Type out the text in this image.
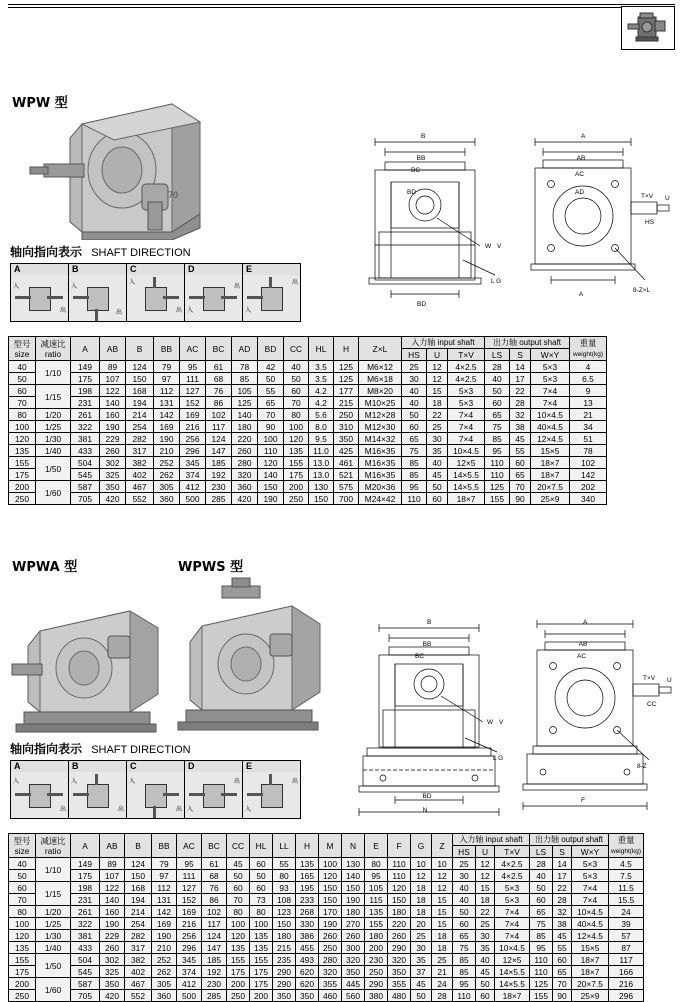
WPW 型
70
轴向指向表示 SHAFT DIRECTION
A
入
出

B
入
出

C
入
出

D
入
出

E
入
出
B
BB
BC
BD
BD
W V
L G
A
AB
AC
AD
T×V U
HS
8-Z×L
A
型号
size	减速比
ratio	A	AB	B	BB	AC	BC	AD	BD	CC	HL	H	Z×L	入力轴 input shaft			出力轴 output shaft			重量
weight(kg)
														HS	U	T×V	LS	S	W×Y	
40	1/10	149	89	124	79	95	61	78	42	40	3.5	125	M6×12	25	12	4×2.5	28	14	5×3	4
50		175	107	150	97	111	68	85	50	50	3.5	125	M6×18	30	12	4×2.5	40	17	5×3	6.5
60	1/15	198	122	168	112	127	76	105	55	60	4.2	177	M8×20	40	15	5×3	50	22	7×4	9
70		231	140	194	131	152	86	125	65	70	4.2	215	M10×25	40	18	5×3	60	28	7×4	13
80	1/20	261	160	214	142	169	102	140	70	80	5.6	250	M12×28	50	22	7×4	65	32	10×4.5	21
100	1/25	322	190	254	169	216	117	180	90	100	8.0	310	M12×30	60	25	7×4	75	38	40×4.5	34
120	1/30	381	229	282	190	256	124	220	100	120	9.5	350	M14×32	65	30	7×4	85	45	12×4.5	51
135	1/40	433	260	317	210	296	147	260	110	135	11.0	425	M16×35	75	35	10×4.5	95	55	15×5	78
155	1/50	504	302	382	252	345	185	280	120	155	13.0	461	M16×35	85	40	12×5	110	60	18×7	102
175		545	325	402	262	374	192	320	140	175	13.0	521	M16×35	85	45	14×5.5	110	65	18×7	142
200	1/60	587	350	467	305	412	230	360	150	200	130	575	M20×36	95	50	14×5.5	125	70	20×7.5	202
250		705	420	552	360	500	285	420	190	250	150	700	M24×42	110	60	18×7	155	90	25×9	340
WPWA 型	WPWS 型
轴向指向表示 SHAFT DIRECTION
A
入
出

B
入
出

C
入
出

D
入
出

E
入
出
B
BB
BC
N
BD
W V
L G
A
AB
AC
T×V U
CC
F
8-Z
型号
size	减速比
ratio	A	AB	B	BB	AC	BC	CC	HL	LL	H	M	N	E	F	G	Z	入力轴 input shaft			出力轴 output shaft			重量
weight(kg)
																		HS	U	T×V	LS	S	W×Y	
40	1/10	149	89	124	79	95	61	45	60	55	135	100	130	80	110	10	10	25	12	4×2.5	28	14	5×3	4.5
50		175	107	150	97	111	68	50	50	80	165	120	140	95	110	12	12	30	12	4×2.5	40	17	5×3	7.5
60	1/15	198	122	168	112	127	76	60	60	93	195	150	150	105	120	18	12	40	15	5×3	50	22	7×4	11.5
70		231	140	194	131	152	86	70	73	108	233	150	190	115	150	18	15	40	18	5×3	60	28	7×4	15.5
80	1/20	261	160	214	142	169	102	80	80	123	268	170	180	135	180	18	15	50	22	7×4	65	32	10×4.5	24
100	1/25	322	190	254	169	216	117	100	100	150	330	190	270	155	220	20	15	60	25	7×4	75	38	40×4.5	39
120	1/30	381	229	282	190	256	124	120	135	180	386	260	260	180	260	25	18	65	30	7×4	85	45	12×4.5	57
135	1/40	433	260	317	210	296	147	135	135	215	455	250	300	200	290	30	18	75	35	10×4.5	95	55	15×5	87
155	1/50	504	302	382	252	345	185	155	155	235	493	280	320	230	320	35	25	85	40	12×5	110	60	18×7	117
175		545	325	402	262	374	192	175	175	290	620	320	350	250	350	37	21	85	45	14×5.5	110	65	18×7	166
200	1/60	587	350	467	305	412	230	200	175	290	620	355	445	290	355	45	24	95	50	14×5.5	125	70	20×7.5	216
250		705	420	552	360	500	285	250	200	350	350	460	560	380	480	50	28	110	60	18×7	155	90	25×9	296
